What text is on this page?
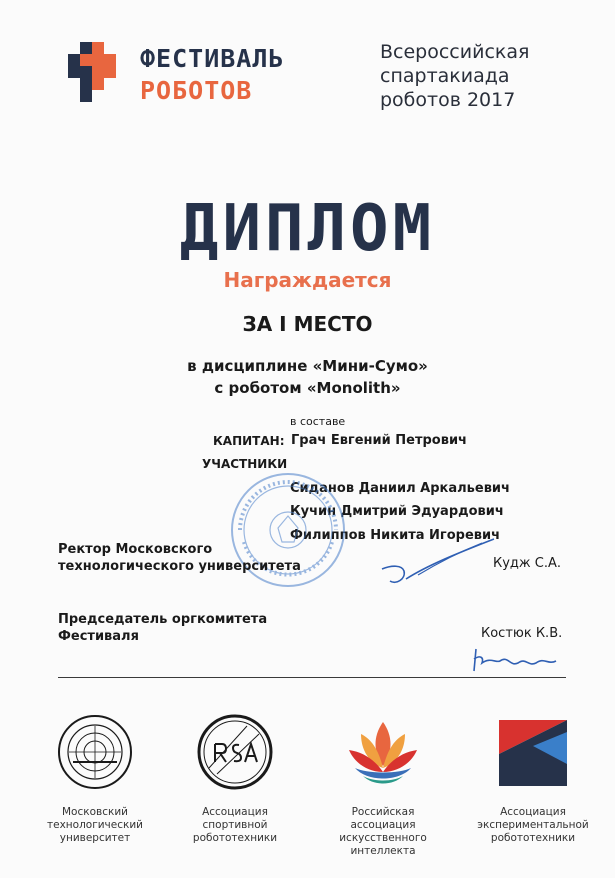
ФЕСТИВАЛЬ
РОБОТОВ
Всероссийская
спартакиада
роботов 2017
ДИПЛОМ
Награждается
ЗА I МЕСТО
в дисциплине «Мини-Сумо»
с роботом «Monolith»
в составе
КАПИТАН: Грач Евгений Петрович
УЧАСТНИКИ
Сиданов Даниил Аркальевич
Кучин Дмитрий Эдуардович
Филиппов Никита Игоревич
Ректор Московского
технологического университета	Кудж С.А.
Председатель оргкомитета
Фестиваля	Костюк К.В.
Московский
технологический
университет
Ассоциация
спортивной
робототехники
Российская
ассоциация
искусственного
интеллекта
Ассоциация
экспериментальной
робототехники
